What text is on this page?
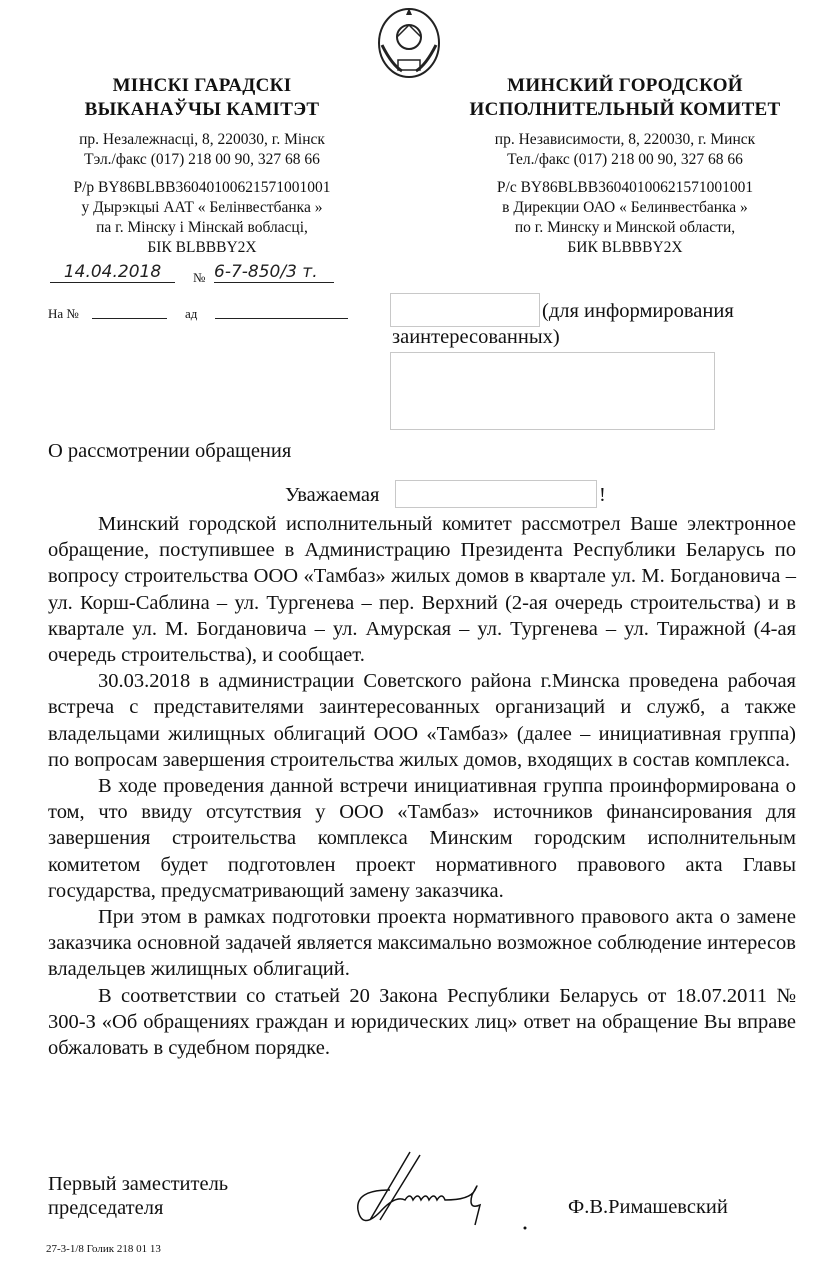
МІНСКІ ГАРАДСКІ
ВЫКАНАЎЧЫ КАМІТЭТ
пр. Незалежнасці, 8, 220030, г. Мінск
Тэл./факс (017) 218 00 90, 327 68 66
Р/р BY86BLBB36040100621571001001
у Дырэкцыі ААТ « Белінвестбанка »
па г. Мінску і Мінскай вобласці,
БІК BLBBBY2X
МИНСКИЙ ГОРОДСКОЙ
ИСПОЛНИТЕЛЬНЫЙ КОМИТЕТ
пр. Независимости, 8, 220030, г. Минск
Тел./факс (017) 218 00 90, 327 68 66
Р/с BY86BLBB36040100621571001001
в Дирекции ОАО « Белинвестбанка »
по г. Минску и Минской области,
БИК BLBBBY2X
14.04.2018	№ 6-7-850/3 т.
На №	ад	(для информирования заинтересованных)
О рассмотрении обращения
Уважаемая	!

Минский городской исполнительный комитет рассмотрел Ваше электронное обращение, поступившее в Администрацию Президента Республики Беларусь по вопросу строительства ООО «Тамбаз» жилых домов в квартале ул. М. Богдановича – ул. Корш-Саблина – ул. Тургенева – пер. Верхний (2-ая очередь строительства) и в квартале ул. М. Богдановича – ул. Амурская – ул. Тургенева – ул. Тиражной (4-ая очередь строительства), и сообщает.

30.03.2018 в администрации Советского района г.Минска проведена рабочая встреча с представителями заинтересованных организаций и служб, а также владельцами жилищных облигаций ООО «Тамбаз» (далее – инициативная группа) по вопросам завершения строительства жилых домов, входящих в состав комплекса.

В ходе проведения данной встречи инициативная группа проинформирована о том, что ввиду отсутствия у ООО «Тамбаз» источников финансирования для завершения строительства комплекса Минским городским исполнительным комитетом будет подготовлен проект нормативного правового акта Главы государства, предусматривающий замену заказчика.

При этом в рамках подготовки проекта нормативного правового акта о замене заказчика основной задачей является максимально возможное соблюдение интересов владельцев жилищных облигаций.

В соответствии со статьей 20 Закона Республики Беларусь от 18.07.2011 № 300-З «Об обращениях граждан и юридических лиц» ответ на обращение Вы вправе обжаловать в судебном порядке.

Первый заместитель
председателя	Ф.В.Римашевский
27-3-1/8 Голик 218 01 13
